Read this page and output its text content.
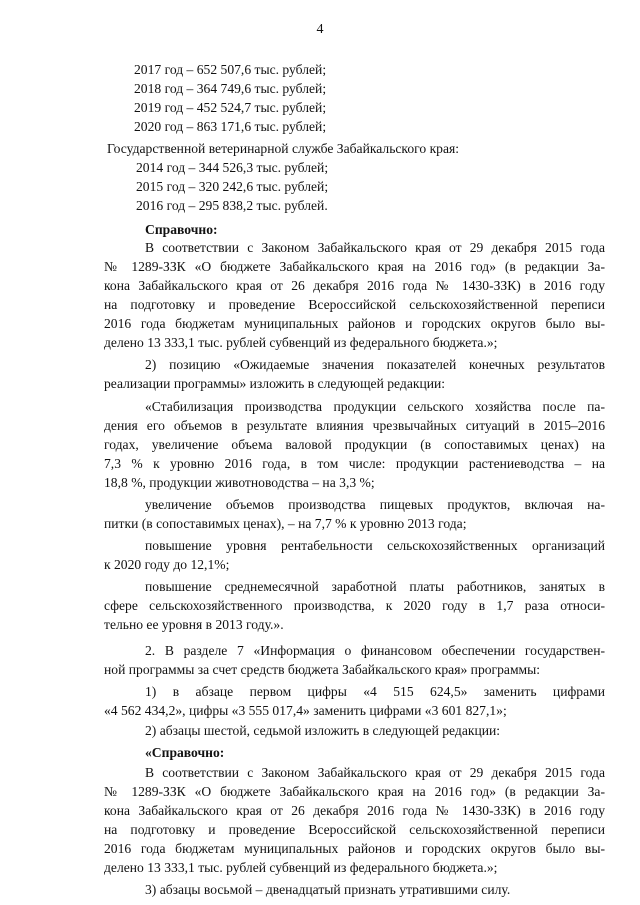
4
2017 год – 652 507,6 тыс. рублей;
2018 год – 364 749,6 тыс. рублей;
2019 год – 452 524,7 тыс. рублей;
2020 год – 863 171,6 тыс. рублей;
Государственной ветеринарной службе Забайкальского края:
2014 год – 344 526,3 тыс. рублей;
2015 год – 320 242,6 тыс. рублей;
2016 год – 295 838,2 тыс. рублей.
Справочно:
В соответствии с Законом Забайкальского края от 29 декабря 2015 года
№ 1289-ЗЗК «О бюджете Забайкальского края на 2016 год» (в редакции За-
кона Забайкальского края от 26 декабря 2016 года № 1430-ЗЗК) в 2016 году
на подготовку и проведение Всероссийской сельскохозяйственной переписи
2016 года бюджетам муниципальных районов и городских округов было вы-
делено 13 333,1 тыс. рублей субвенций из федерального бюджета.»;
2) позицию «Ожидаемые значения показателей конечных результатов
реализации программы» изложить в следующей редакции:
«Стабилизация производства продукции сельского хозяйства после па-
дения его объемов в результате влияния чрезвычайных ситуаций в 2015–2016
годах, увеличение объема валовой продукции (в сопоставимых ценах) на
7,3 % к уровню 2016 года, в том числе: продукции растениеводства – на
18,8 %, продукции животноводства – на 3,3 %;
увеличение объемов производства пищевых продуктов, включая на-
питки (в сопоставимых ценах), – на 7,7 % к уровню 2013 года;
повышение уровня рентабельности сельскохозяйственных организаций
к 2020 году до 12,1%;
повышение среднемесячной заработной платы работников, занятых в
сфере сельскохозяйственного производства, к 2020 году в 1,7 раза относи-
тельно ее уровня в 2013 году.».
2. В разделе 7 «Информация о финансовом обеспечении государствен-
ной программы за счет средств бюджета Забайкальского края» программы:
1) в абзаце первом цифры «4 515 624,5» заменить цифрами
«4 562 434,2», цифры «3 555 017,4» заменить цифрами «3 601 827,1»;
2) абзацы шестой, седьмой изложить в следующей редакции:
«Справочно:
В соответствии с Законом Забайкальского края от 29 декабря 2015 года
№ 1289-ЗЗК «О бюджете Забайкальского края на 2016 год» (в редакции За-
кона Забайкальского края от 26 декабря 2016 года № 1430-ЗЗК) в 2016 году
на подготовку и проведение Всероссийской сельскохозяйственной переписи
2016 года бюджетам муниципальных районов и городских округов было вы-
делено 13 333,1 тыс. рублей субвенций из федерального бюджета.»;
3) абзацы восьмой – двенадцатый признать утратившими силу.
